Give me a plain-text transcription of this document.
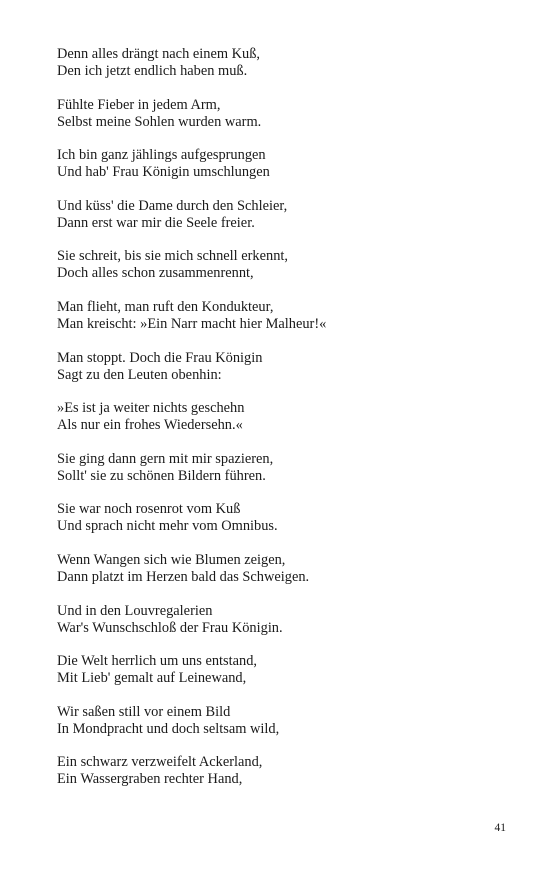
Denn alles drängt nach einem Kuß,
Den ich jetzt endlich haben muß.
Fühlte Fieber in jedem Arm,
Selbst meine Sohlen wurden warm.
Ich bin ganz jählings aufgesprungen
Und hab' Frau Königin umschlungen
Und küss' die Dame durch den Schleier,
Dann erst war mir die Seele freier.
Sie schreit, bis sie mich schnell erkennt,
Doch alles schon zusammenrennt,
Man flieht, man ruft den Kondukteur,
Man kreischt: »Ein Narr macht hier Malheur!«
Man stoppt. Doch die Frau Königin
Sagt zu den Leuten obenhin:
»Es ist ja weiter nichts geschehn
Als nur ein frohes Wiedersehn.«
Sie ging dann gern mit mir spazieren,
Sollt' sie zu schönen Bildern führen.
Sie war noch rosenrot vom Kuß
Und sprach nicht mehr vom Omnibus.
Wenn Wangen sich wie Blumen zeigen,
Dann platzt im Herzen bald das Schweigen.
Und in den Louvregalerien
War's Wunschschloß der Frau Königin.
Die Welt herrlich um uns entstand,
Mit Lieb' gemalt auf Leinewand,
Wir saßen still vor einem Bild
In Mondpracht und doch seltsam wild,
Ein schwarz verzweifelt Ackerland,
Ein Wassergraben rechter Hand,
41
